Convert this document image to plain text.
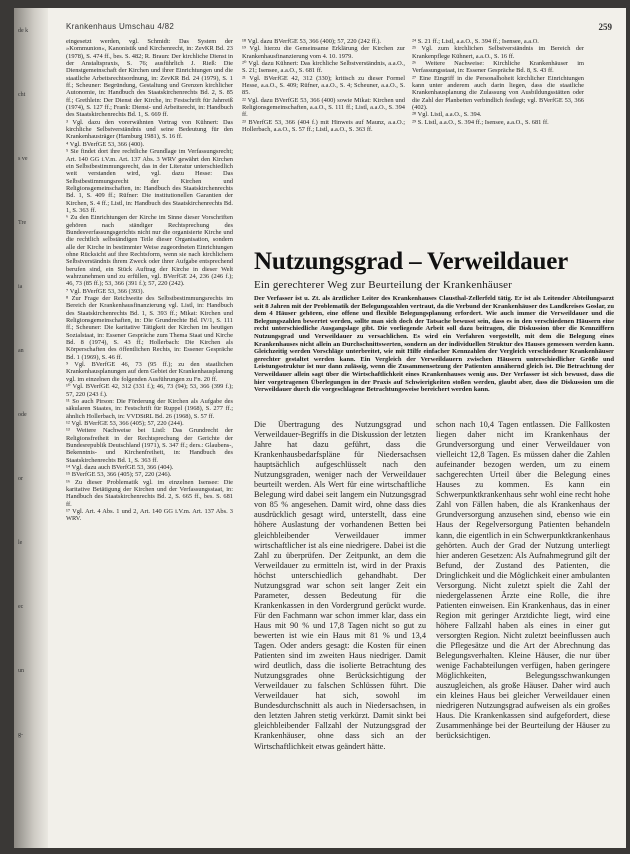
de k
cht
s ve
Tre
ia
an
ode
or
le
ec
un
g-
Krankenhaus Umschau 4/82	259
eingesetzt werden, vgl. Schmidt: Das System der »Kommunion«, Kanonistik und Kirchenrecht, in: ZevKR Bd. 23 (1978), S. 474 ff., bes. S. 482; R. Braun: Der kirchliche Dienst in der Anstaltspraxis, S. 76; ausführlich J. Rieß: Die Dienstgemeinschaft der Kirchen und ihrer Einrichtungen und die staatliche Arbeitsrechtsordnung, in: ZevKR Bd. 24 (1979), S. 1 ff.; Scheuner: Begründung, Gestaltung und Grenzen kirchlicher Autonomie, in: Handbuch des Staatskirchenrechts Bd. 2, S. 85 ff.; Grethlein: Der Dienst der Kirche, in: Festschrift für Jahrreiß (1974), S. 127 ff.; Frank: Dienst- und Arbeitsrecht, in: Handbuch des Staatskirchenrechts Bd. 1, S. 669 ff.
³ Vgl. dazu den vorerwähnten Vortrag von Kühnert: Das kirchliche Selbstverständnis und seine Bedeutung für den Krankenhausträger (Hamburg 1981), S. 16 ff.
⁴ Vgl. BVerfGE 53, 366 (400).
⁵ Sie findet dort ihre rechtliche Grundlage im Verfassungsrecht; Art. 140 GG i.V.m. Art. 137 Abs. 3 WRV gewährt den Kirchen ein Selbstbestimmungsrecht, das in der Literatur unterschiedlich weit verstanden wird, vgl. dazu Hesse: Das Selbstbestimmungsrecht der Kirchen und Religionsgemeinschaften, in: Handbuch des Staatskirchenrechts Bd. 1, S. 409 ff.; Rüfner: Die institutionellen Garantien der Kirchen, S. 4 ff.; Listl, in: Handbuch des Staatskirchenrechts Bd. 1, S. 363 ff.
⁶ Zu den Einrichtungen der Kirche im Sinne dieser Vorschriften gehören nach ständiger Rechtsprechung des Bundesverfassungsgerichts nicht nur die organisierte Kirche und die rechtlich selbständigen Teile dieser Organisation, sondern alle der Kirche in bestimmter Weise zugeordneten Einrichtungen ohne Rücksicht auf ihre Rechtsform, wenn sie nach kirchlichem Selbstverständnis ihrem Zweck oder ihrer Aufgabe entsprechend berufen sind, ein Stück Auftrag der Kirche in dieser Welt wahrzunehmen und zu erfüllen, vgl. BVerfGE 24, 236 (246 f.); 46, 73 (85 ff.); 53, 366 (391 f.); 57, 220 (242).
⁷ Vgl. BVerfGE 53, 366 (393).
⁸ Zur Frage der Reichweite des Selbstbestimmungsrechts im Bereich der Krankenhausfinanzierung vgl. Listl, in: Handbuch des Staatskirchenrechts Bd. 1, S. 393 ff.; Mikat: Kirchen und Religionsgemeinschaften, in: Die Grundrechte Bd. IV/1, S. 111 ff.; Scheuner: Die karitative Tätigkeit der Kirchen im heutigen Sozialstaat, in: Essener Gespräche zum Thema Staat und Kirche Bd. 8 (1974), S. 43 ff.; Hollerbach: Die Kirchen als Körperschaften des öffentlichen Rechts, in: Essener Gespräche Bd. 1 (1969), S. 46 ff.
⁹ Vgl. BVerfGE 46, 73 (95 ff.); zu den staatlichen Krankenhausplanungen auf dem Gebiet der Krankenhausplanung vgl. im einzelnen die folgenden Ausführungen zu Fn. 20 ff.
¹⁰ Vgl. BVerfGE 42, 312 (331 f.); 46, 73 (94); 53, 366 (399 f.); 57, 220 (243 f.).
¹¹ So auch Pirson: Die Förderung der Kirchen als Aufgabe des säkularen Staates, in: Festschrift für Ruppel (1968), S. 277 ff.; ähnlich Hollerbach, in: VVDStRL Bd. 26 (1968), S. 57 ff.
¹² Vgl. BVerfGE 53, 366 (405); 57, 220 (244).
¹³ Weitere Nachweise bei Listl: Das Grundrecht der Religionsfreiheit in der Rechtsprechung der Gerichte der Bundesrepublik Deutschland (1971), S. 347 ff.; ders.: Glaubens-, Bekenntnis- und Kirchenfreiheit, in: Handbuch des Staatskirchenrechts Bd. 1, S. 363 ff.
¹⁴ Vgl. dazu auch BVerfGE 53, 366 (404).
¹⁵ BVerfGE 53, 366 (405); 57, 220 (246).
¹⁶ Zu dieser Problematik vgl. im einzelnen Isensee: Die karitative Betätigung der Kirchen und der Verfassungsstaat, in: Handbuch des Staatskirchenrechts Bd. 2, S. 665 ff., bes. S. 681 ff.
¹⁷ Vgl. Art. 4 Abs. 1 und 2, Art. 140 GG i.V.m. Art. 137 Abs. 3 WRV.
¹⁸ Vgl. dazu BVerfGE 53, 366 (400); 57, 220 (242 ff.).
¹⁹ Vgl. hierzu die Gemeinsame Erklärung der Kirchen zur Krankenhausfinanzierung vom 4. 10. 1979.
²⁰ Vgl. dazu Kühnert: Das kirchliche Selbstverständnis, a.a.O., S. 21; Isensee, a.a.O., S. 681 ff.
²¹ Vgl. BVerfGE 42, 312 (330); kritisch zu dieser Formel Hesse, a.a.O., S. 409; Rüfner, a.a.O., S. 4; Scheuner, a.a.O., S. 85.
²² Vgl. dazu BVerfGE 53, 366 (400) sowie Mikat: Kirchen und Religionsgemeinschaften, a.a.O., S. 111 ff.; Listl, a.a.O., S. 394 ff.
²³ BVerfGE 53, 366 (404 f.) mit Hinweis auf Maunz, a.a.O.; Hollerbach, a.a.O., S. 57 ff.; Listl, a.a.O., S. 363 ff.
²⁴ S. 21 ff.; Listl, a.a.O., S. 394 ff.; Isensee, a.a.O.
²⁵ Vgl. zum kirchlichen Selbstverständnis im Bereich der Krankenpflege Kühnert, a.a.O., S. 16 ff.
²⁶ Weitere Nachweise: Kirchliche Krankenhäuser im Verfassungsstaat, in: Essener Gespräche Bd. 8, S. 43 ff.
²⁷ Eine Eingriff in die Personalhoheit kirchlicher Einrichtungen kann unter anderem auch darin liegen, dass die staatliche Krankenhausplanung die Zulassung von Ausbildungsstätten oder die Zahl der Planbetten verbindlich festlegt; vgl. BVerfGE 53, 366 (402).
²⁸ Vgl. Listl, a.a.O., S. 394.
²⁹ S. Listl, a.a.O., S. 394 ff.; Isensee, a.a.O., S. 681 ff.
Nutzungsgrad – Verweildauer
Ein gerechterer Weg zur Beurteilung der Krankenhäuser
Der Verfasser ist u. Zt. als ärztlicher Leiter des Krankenhauses Clausthal-Zellerfeld tätig. Er ist als Leitender Abteilungsarzt seit 8 Jahren mit der Problematik der Belegungszahlen vertraut, da die Verbund der Krankenhäuser des Landkreises Goslar, zu dem 4 Häuser gehören, eine offene und flexible Belegungsplanung erfordert. Wie auch immer die Verweildauer und die Belegungszahlen bewertet werden, sollte man sich doch der Tatsache bewusst sein, dass es in den verschiedenen Häusern eine recht unterschiedliche Ausgangslage gibt. Die vorliegende Arbeit soll dazu beitragen, die Diskussion über die Kennziffern Nutzungsgrad und Verweildauer zu versachlichen. Es wird ein Verfahren vorgestellt, mit dem die Belegung eines Krankenhauses nicht allein an Durchschnittswerten, sondern an der individuellen Struktur des Hauses gemessen werden kann. Gleichzeitig werden Vorschläge unterbreitet, wie mit Hilfe einfacher Kennzahlen der Vergleich verschiedener Krankenhäuser gerechter gestaltet werden kann. Ein Vergleich der Verweildauern zwischen Häusern unterschiedlicher Größe und Leistungsstruktur ist nur dann zulässig, wenn die Zusammensetzung der Patienten annähernd gleich ist. Die Betrachtung der Verweildauer allein sagt über die Wirtschaftlichkeit eines Krankenhauses wenig aus. Der Verfasser ist sich bewusst, dass die hier vorgetragenen Überlegungen in der Praxis auf Schwierigkeiten stoßen werden, glaubt aber, dass die Diskussion um die Verweildauer durch die vorgeschlagene Betrachtungsweise bereichert werden kann.
Die Übertragung des Nutzungsgrad und Verweildauer-Begriffs in die Diskussion der letzten Jahre hat dazu geführt, dass die Krankenhausbedarfspläne für Niedersachsen hauptsächlich aufgeschlüsselt nach den Nutzungsgraden, weniger nach der Verweildauer beurteilt werden. Als Wert für eine wirtschaftliche Belegung wird dabei seit langem ein Nutzungsgrad von 85 % angesehen. Damit wird, ohne dass dies ausdrücklich gesagt wird, unterstellt, dass eine höhere Auslastung der vorhandenen Betten bei gleichbleibender Verweildauer immer wirtschaftlicher ist als eine niedrigere. Dabei ist die Zahl zu überprüfen. Der Zeitpunkt, an dem die Verweildauer zu ermitteln ist, wird in der Praxis höchst unterschiedlich gehandhabt. Der Nutzungsgrad war schon seit langer Zeit ein Parameter, dessen Bedeutung für die Krankenkassen in den Vordergrund gerückt wurde. Für den Fachmann war schon immer klar, dass ein Haus mit 90 % und 17,8 Tagen nicht so gut zu bewerten ist wie ein Haus mit 81 % und 13,4 Tagen. Oder anders gesagt: die Kosten für einen Patienten sind im zweiten Haus niedriger. Damit wird deutlich, dass die isolierte Betrachtung des Nutzungsgrades ohne Berücksichtigung der Verweildauer zu falschen Schlüssen führt. Die Verweildauer hat sich, sowohl im Bundesdurchschnitt als auch in Niedersachsen, in den letzten Jahren stetig verkürzt. Damit sinkt bei gleichbleibender Fallzahl der Nutzungsgrad der Krankenhäuser, ohne dass sich an der Wirtschaftlichkeit etwas geändert hätte.
schon nach 10,4 Tagen entlassen. Die Fallkosten liegen daher nicht im Krankenhaus der Grundversorgung und einer Verweildauer von vielleicht 12,8 Tagen. Es müssen daher die Zahlen aufeinander bezogen werden, um zu einem sachgerechten Urteil über die Belegung eines Hauses zu kommen. Es kann ein Schwerpunktkrankenhaus sehr wohl eine recht hohe Zahl von Fällen haben, die als Krankenhaus der Grundversorgung anzusehen sind, ebenso wie ein Haus der Regelversorgung Patienten behandeln kann, die eigentlich in ein Schwerpunktkrankenhaus gehörten. Auch der Grad der Nutzung unterliegt hier anderen Gesetzen: Als Aufnahmegrund gilt der Befund, der Zustand des Patienten, die Dringlichkeit und die Möglichkeit einer ambulanten Versorgung. Nicht zuletzt spielt die Zahl der niedergelassenen Ärzte eine Rolle, die ihre Patienten einweisen. Ein Krankenhaus, das in einer Region mit geringer Arztdichte liegt, wird eine höhere Fallzahl haben als eines in einer gut versorgten Region. Nicht zuletzt beeinflussen auch die Pflegesätze und die Art der Abrechnung das Belegungsverhalten. Kleine Häuser, die nur über wenige Fachabteilungen verfügen, haben geringere Möglichkeiten, Belegungsschwankungen auszugleichen, als große Häuser. Daher wird auch ein kleines Haus bei gleicher Verweildauer einen niedrigeren Nutzungsgrad aufweisen als ein großes Haus. Die Krankenkassen sind aufgefordert, diese Zusammenhänge bei der Beurteilung der Häuser zu berücksichtigen.
